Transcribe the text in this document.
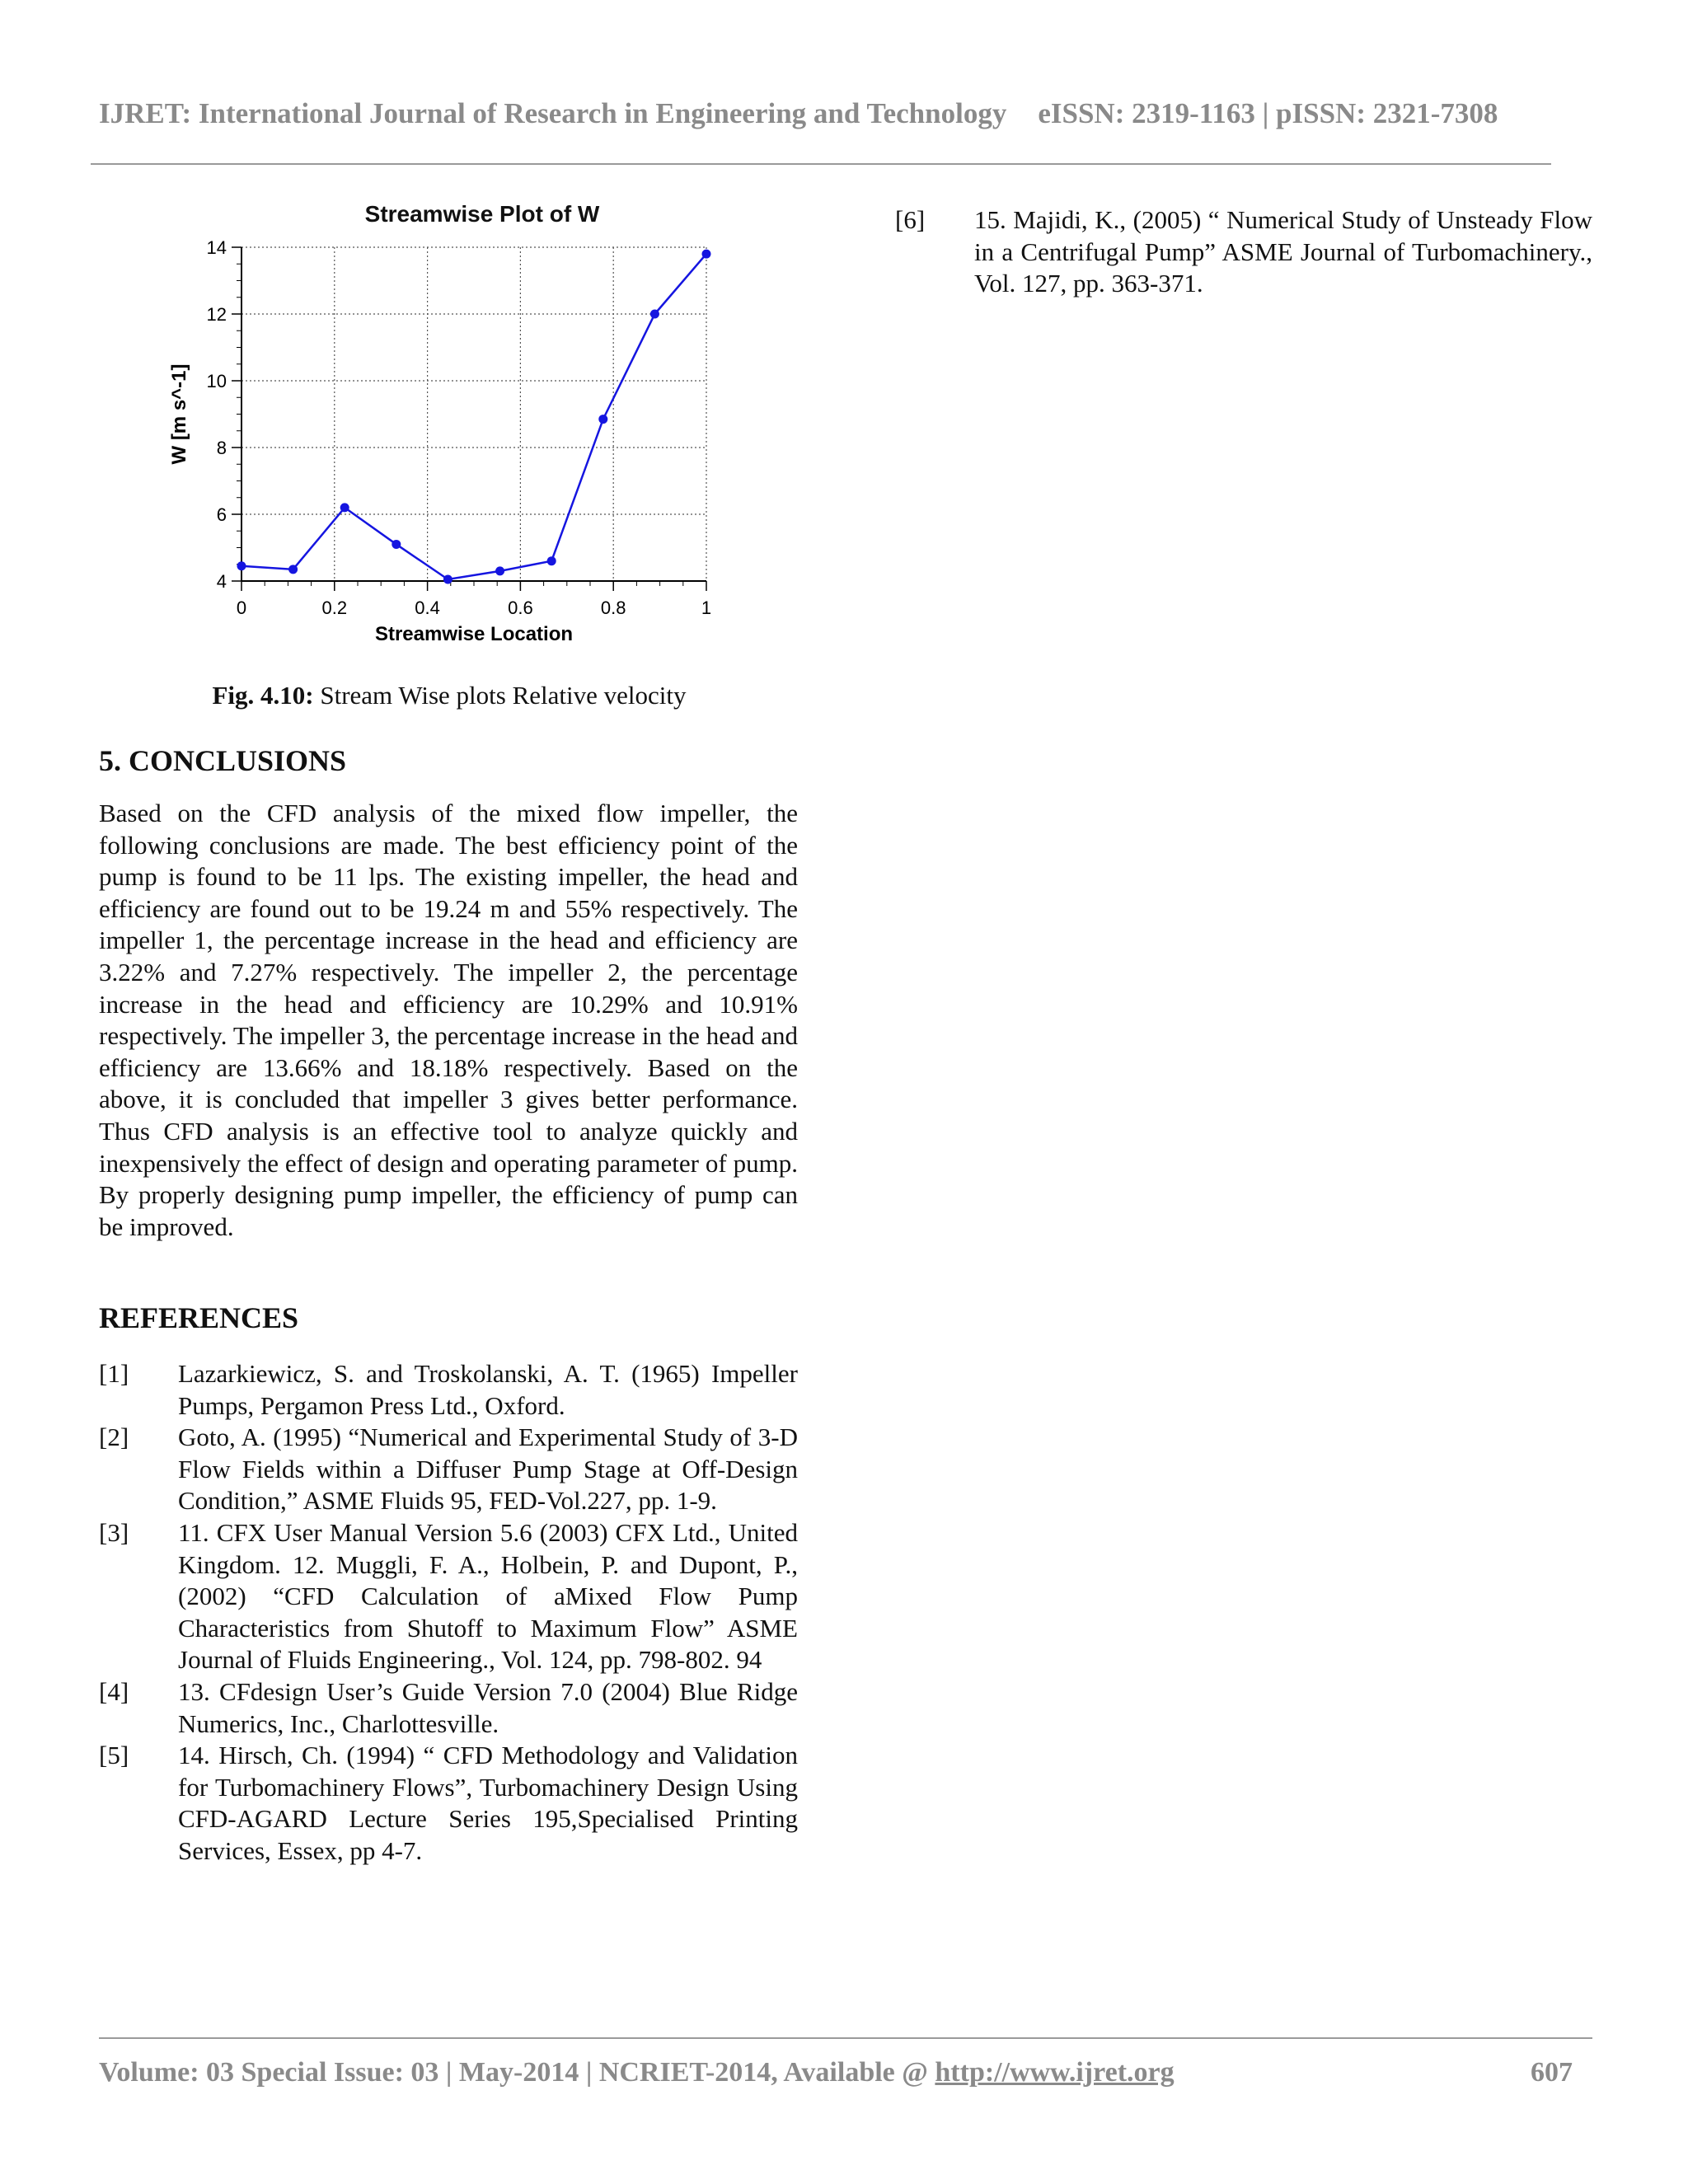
IJRET: International Journal of Research in Engineering and Technology eISSN: 2319-1163 | pISSN: 2321-7308
Streamwise Plot of W
0	0.2	0.4	0.6	0.8	1
4
6
8
10
12
14
Streamwise Location
W [m s^-1]
Fig. 4.10: Stream Wise plots Relative velocity
5. CONCLUSIONS
Based on the CFD analysis of the mixed flow impeller, the following conclusions are made. The best efficiency point of the pump is found to be 11 lps. The existing impeller, the head and efficiency are found out to be 19.24 m and 55% respectively. The impeller 1, the percentage increase in the head and efficiency are 3.22% and 7.27% respectively. The impeller 2, the percentage increase in the head and efficiency are 10.29% and 10.91% respectively. The impeller 3, the percentage increase in the head and efficiency are 13.66% and 18.18% respectively. Based on the above, it is concluded that impeller 3 gives better performance. Thus CFD analysis is an effective tool to analyze quickly and inexpensively the effect of design and operating parameter of pump. By properly designing pump impeller, the efficiency of pump can be improved.
REFERENCES
[1]	Lazarkiewicz, S. and Troskolanski, A. T. (1965) Impeller Pumps, Pergamon Press Ltd., Oxford.
[2]	Goto, A. (1995) “Numerical and Experimental Study of 3-D Flow Fields within a Diffuser Pump Stage at Off-Design Condition,” ASME Fluids 95, FED-Vol.227, pp. 1-9.
[3]	11. CFX User Manual Version 5.6 (2003) CFX Ltd., United Kingdom. 12. Muggli, F. A., Holbein, P. and Dupont, P., (2002) “CFD Calculation of aMixed Flow Pump Characteristics from Shutoff to Maximum Flow” ASME Journal of Fluids Engineering., Vol. 124, pp. 798-802. 94
[4]	13. CFdesign User’s Guide Version 7.0 (2004) Blue Ridge Numerics, Inc., Charlottesville.
[5]	14. Hirsch, Ch. (1994) “ CFD Methodology and Validation for Turbomachinery Flows”, Turbomachinery Design Using CFD-AGARD Lecture Series 195,Specialised Printing Services, Essex, pp 4-7.
[6]	15. Majidi, K., (2005) “ Numerical Study of Unsteady Flow in a Centrifugal Pump” ASME Journal of Turbomachinery., Vol. 127, pp. 363-371.
Volume: 03 Special Issue: 03 | May-2014 | NCRIET-2014, Available @ http://www.ijret.org	607
